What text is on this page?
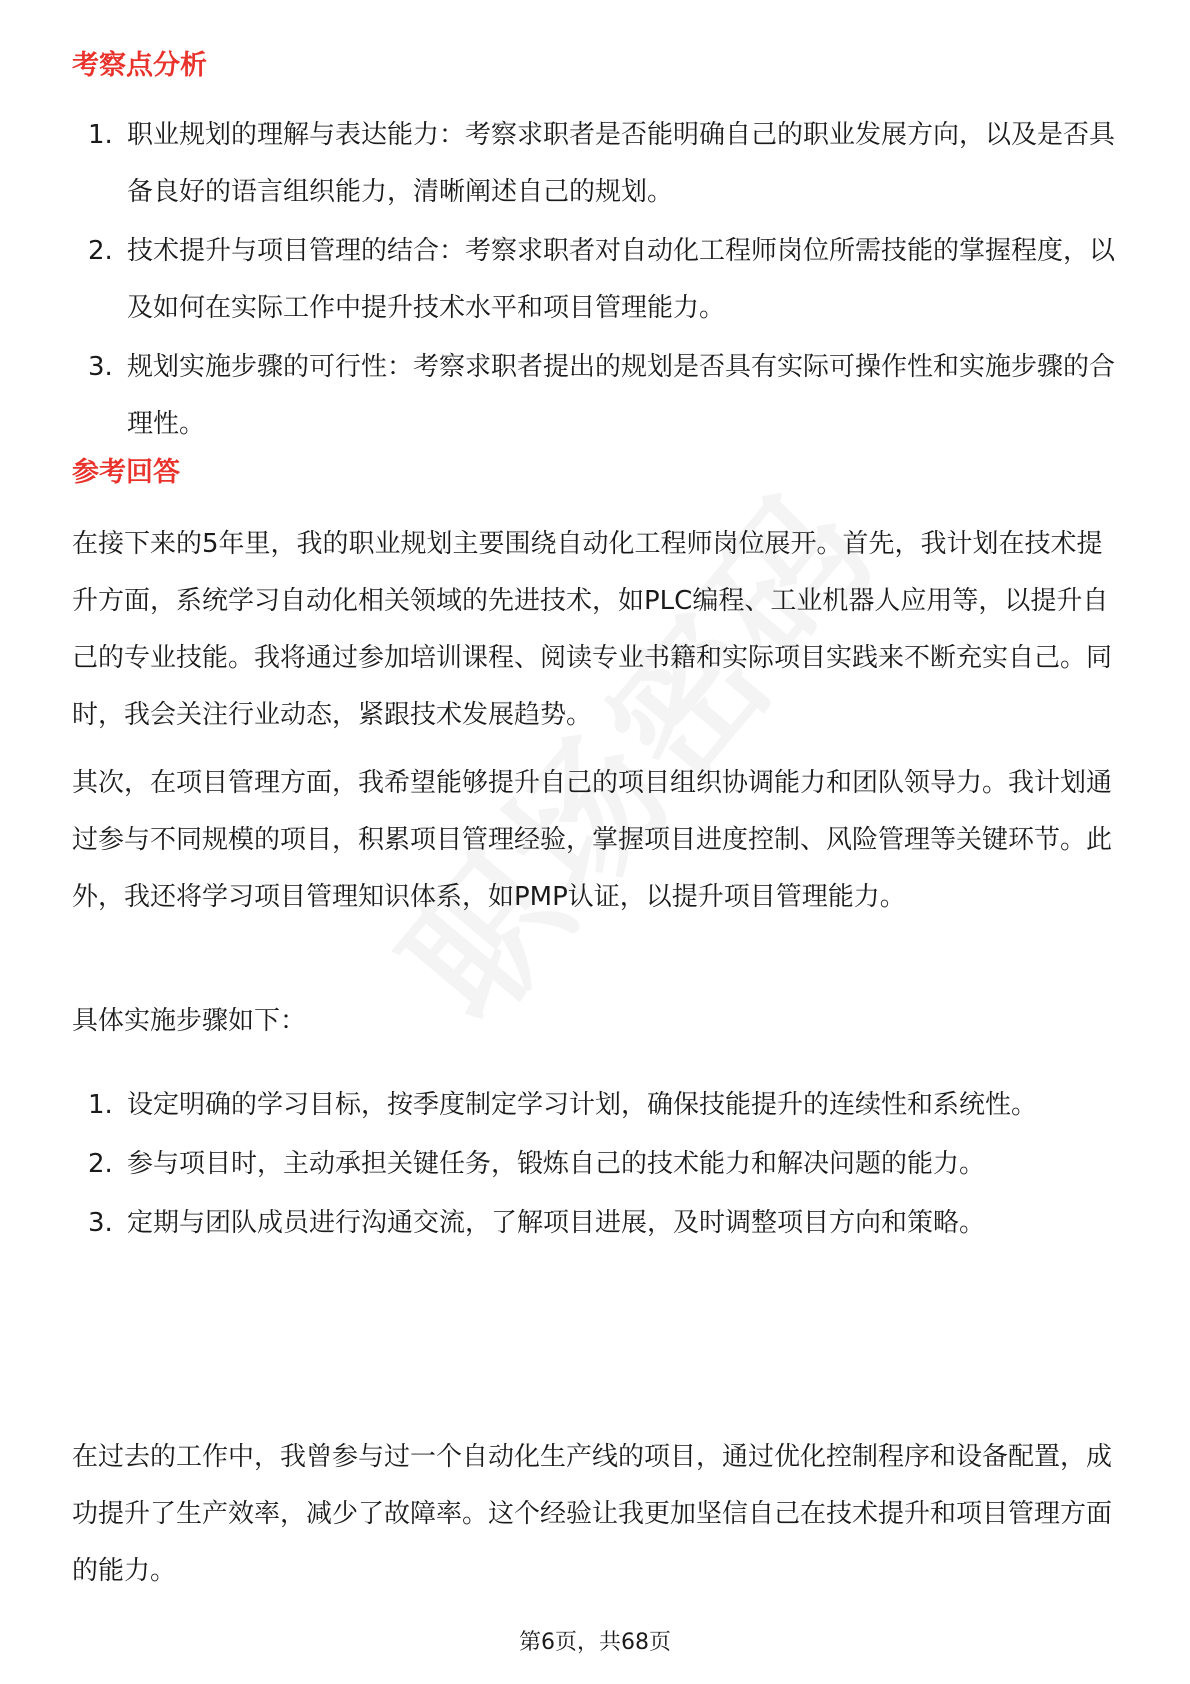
考察点分析
1. 职业规划的理解与表达能力：考察求职者是否能明确自己的职业发展方向，以及是否具备良好的语言组织能力，清晰阐述自己的规划。
2. 技术提升与项目管理的结合：考察求职者对自动化工程师岗位所需技能的掌握程度，以及如何在实际工作中提升技术水平和项目管理能力。
3. 规划实施步骤的可行性：考察求职者提出的规划是否具有实际可操作性和实施步骤的合理性。
参考回答

在接下来的5年里，我的职业规划主要围绕自动化工程师岗位展开。首先，我计划在技术提升方面，系统学习自动化相关领域的先进技术，如PLC编程、工业机器人应用等，以提升自己的专业技能。我将通过参加培训课程、阅读专业书籍和实际项目实践来不断充实自己。同时，我会关注行业动态，紧跟技术发展趋势。

其次，在项目管理方面，我希望能够提升自己的项目组织协调能力和团队领导力。我计划通过参与不同规模的项目，积累项目管理经验，掌握项目进度控制、风险管理等关键环节。此外，我还将学习项目管理知识体系，如PMP认证，以提升项目管理能力。

具体实施步骤如下：

1. 设定明确的学习目标，按季度制定学习计划，确保技能提升的连续性和系统性。
2. 参与项目时，主动承担关键任务，锻炼自己的技术能力和解决问题的能力。
3. 定期与团队成员进行沟通交流，了解项目进展，及时调整项目方向和策略。

在过去的工作中，我曾参与过一个自动化生产线的项目，通过优化控制程序和设备配置，成功提升了生产效率，减少了故障率。这个经验让我更加坚信自己在技术提升和项目管理方面的能力。

第6页，共68页
